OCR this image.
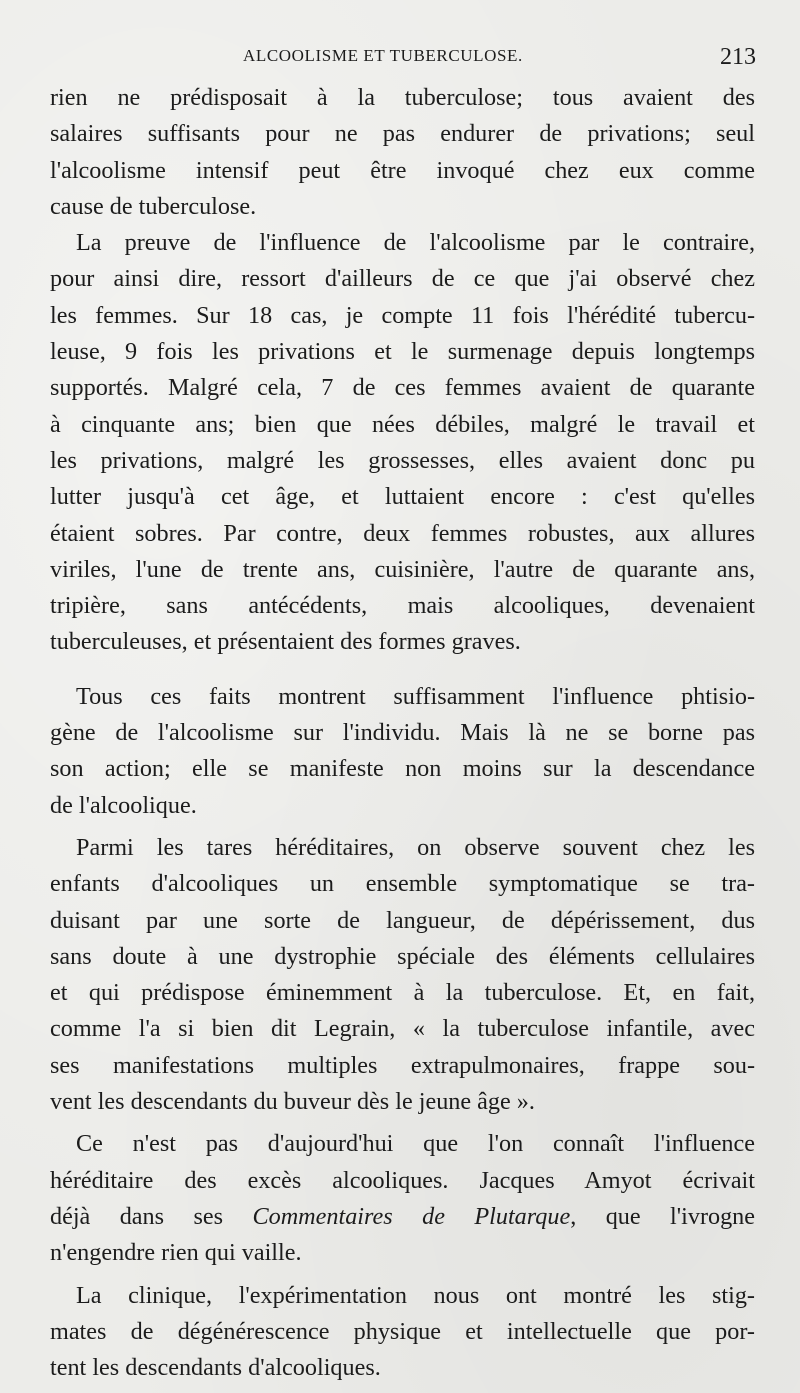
ALCOOLISME ET TUBERCULOSE.	213
rien ne prédisposait à la tuberculose; tous avaient des
salaires suffisants pour ne pas endurer de privations; seul
l'alcoolisme intensif peut être invoqué chez eux comme
cause de tuberculose.
La preuve de l'influence de l'alcoolisme par le contraire,
pour ainsi dire, ressort d'ailleurs de ce que j'ai observé chez
les femmes. Sur 18 cas, je compte 11 fois l'hérédité tubercu-
leuse, 9 fois les privations et le surmenage depuis longtemps
supportés. Malgré cela, 7 de ces femmes avaient de quarante
à cinquante ans; bien que nées débiles, malgré le travail et
les privations, malgré les grossesses, elles avaient donc pu
lutter jusqu'à cet âge, et luttaient encore : c'est qu'elles
étaient sobres. Par contre, deux femmes robustes, aux allures
viriles, l'une de trente ans, cuisinière, l'autre de quarante ans,
tripière, sans antécédents, mais alcooliques, devenaient
tuberculeuses, et présentaient des formes graves.
Tous ces faits montrent suffisamment l'influence phtisio-
gène de l'alcoolisme sur l'individu. Mais là ne se borne pas
son action; elle se manifeste non moins sur la descendance
de l'alcoolique.
Parmi les tares héréditaires, on observe souvent chez les
enfants d'alcooliques un ensemble symptomatique se tra-
duisant par une sorte de langueur, de dépérissement, dus
sans doute à une dystrophie spéciale des éléments cellulaires
et qui prédispose éminemment à la tuberculose. Et, en fait,
comme l'a si bien dit Legrain, « la tuberculose infantile, avec
ses manifestations multiples extrapulmonaires, frappe sou-
vent les descendants du buveur dès le jeune âge ».
Ce n'est pas d'aujourd'hui que l'on connaît l'influence
héréditaire des excès alcooliques. Jacques Amyot écrivait
déjà dans ses Commentaires de Plutarque, que l'ivrogne
n'engendre rien qui vaille.
La clinique, l'expérimentation nous ont montré les stig-
mates de dégénérescence physique et intellectuelle que por-
tent les descendants d'alcooliques.
